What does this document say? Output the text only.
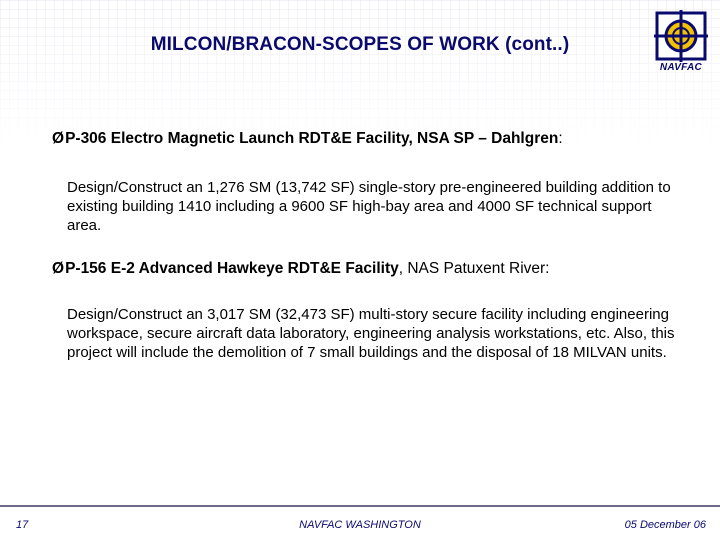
MILCON/BRACON-SCOPES OF WORK (cont..)
NAVFAC
ØP-306 Electro Magnetic Launch RDT&E Facility, NSA SP – Dahlgren:
Design/Construct an 1,276 SM (13,742 SF) single-story pre-engineered building addition to existing building 1410 including a 9600 SF high-bay area and 4000 SF technical support area.
ØP-156 E-2 Advanced Hawkeye RDT&E Facility, NAS Patuxent River:
Design/Construct an 3,017 SM (32,473 SF) multi-story secure facility including engineering workspace, secure aircraft data laboratory, engineering analysis workstations, etc. Also, this project will include the demolition of 7 small buildings and the disposal of 18 MILVAN units.
17	NAVFAC WASHINGTON	05 December 06
